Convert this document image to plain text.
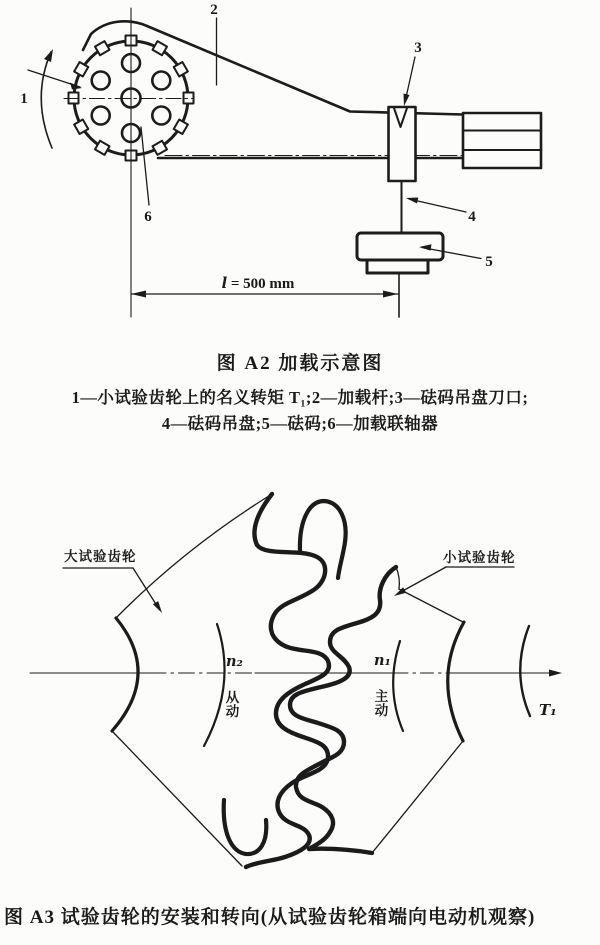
1
2
3
4
5
6
l = 500 mm
图 A2 加载示意图
1—小试验齿轮上的名义转矩 T₁;2—加载杆;3—砝码吊盘刀口;
4—砝码吊盘;5—砝码;6—加载联轴器
大试验齿轮	小试验齿轮
n₂
从
动
n₁
主
动	T₁
图 A3 试验齿轮的安装和转向(从试验齿轮箱端向电动机观察)
